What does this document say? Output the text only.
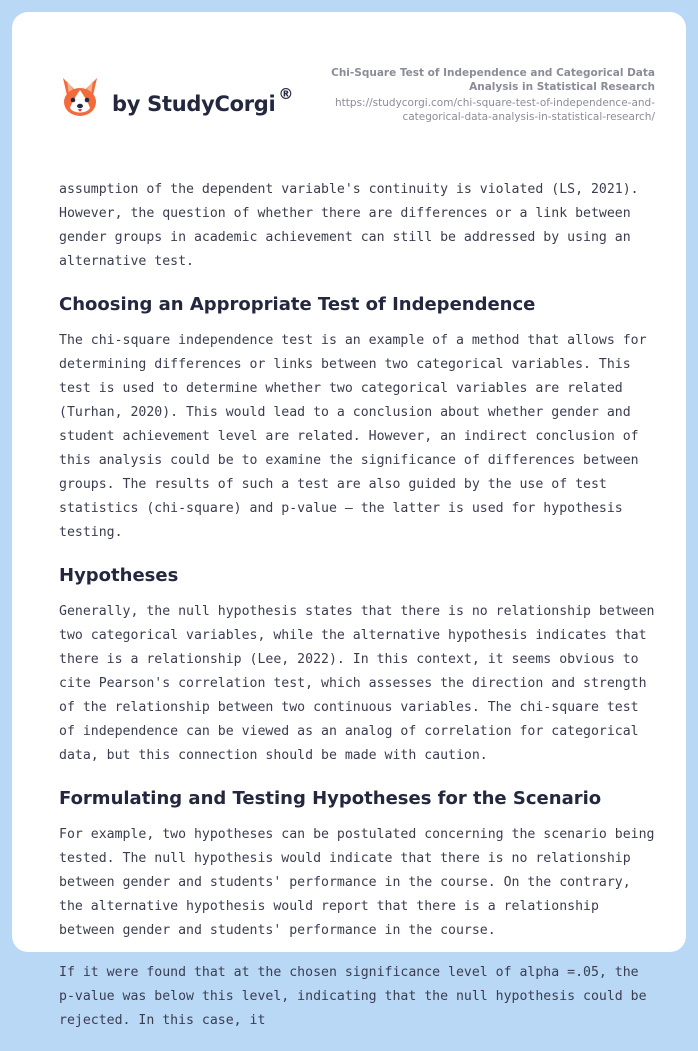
by StudyCorgi ®
Chi-Square Test of Independence and Categorical Data
Analysis in Statistical Research
https://studycorgi.com/chi-square-test-of-independence-and-
categorical-data-analysis-in-statistical-research/

assumption of the dependent variable's continuity is violated (LS, 2021). However, the question of whether there are differences or a link between gender groups in academic achievement can still be addressed by using an alternative test.

Choosing an Appropriate Test of Independence

The chi-square independence test is an example of a method that allows for determining differences or links between two categorical variables. This test is used to determine whether two categorical variables are related (Turhan, 2020). This would lead to a conclusion about whether gender and student achievement level are related. However, an indirect conclusion of this analysis could be to examine the significance of differences between groups. The results of such a test are also guided by the use of test statistics (chi-square) and p-value — the latter is used for hypothesis testing.

Hypotheses

Generally, the null hypothesis states that there is no relationship between two categorical variables, while the alternative hypothesis indicates that there is a relationship (Lee, 2022). In this context, it seems obvious to cite Pearson's correlation test, which assesses the direction and strength of the relationship between two continuous variables. The chi-square test of independence can be viewed as an analog of correlation for categorical data, but this connection should be made with caution.

Formulating and Testing Hypotheses for the Scenario

For example, two hypotheses can be postulated concerning the scenario being tested. The null hypothesis would indicate that there is no relationship between gender and students' performance in the course. On the contrary, the alternative hypothesis would report that there is a relationship between gender and students' performance in the course.

If it were found that at the chosen significance level of alpha =.05, the p-value was below this level, indicating that the null hypothesis could be rejected. In this case, it
